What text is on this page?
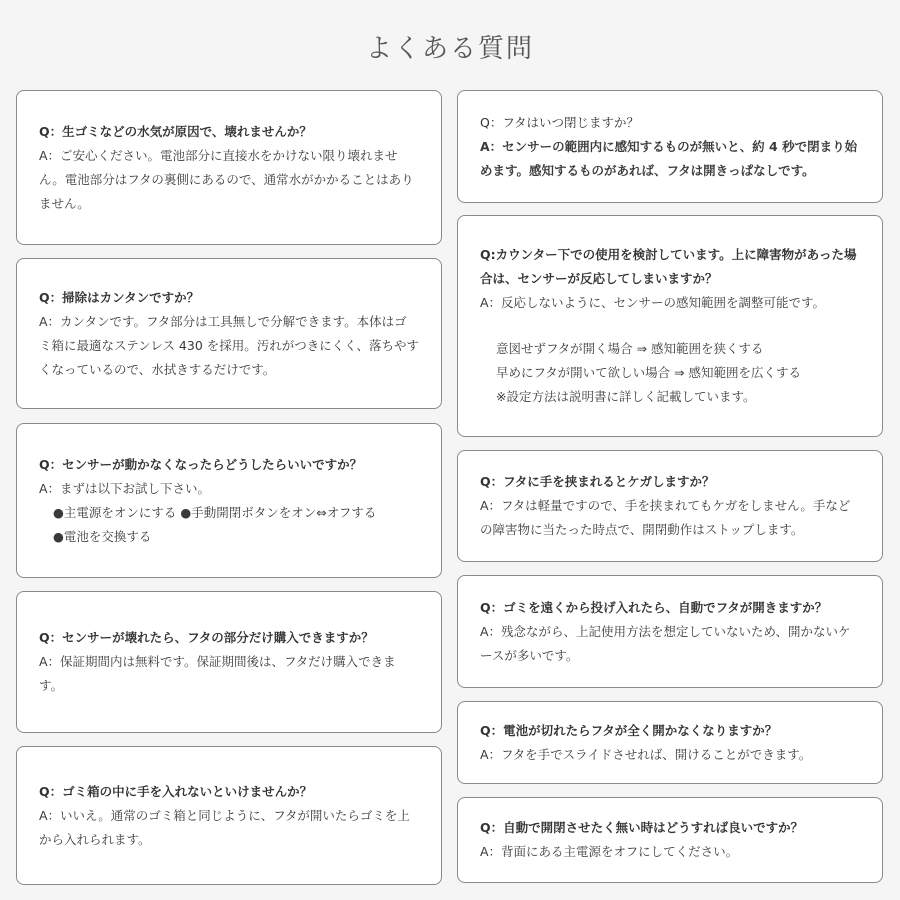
よくある質問
Q：生ゴミなどの水気が原因で、壊れませんか？
A：ご安心ください。電池部分に直接水をかけない限り壊れません。電池部分はフタの裏側にあるので、通常水がかかることはありません。
Q：掃除はカンタンですか？
A：カンタンです。フタ部分は工具無しで分解できます。本体はゴミ箱に最適なステンレス 430 を採用。汚れがつきにくく、落ちやすくなっているので、水拭きするだけです。
Q：センサーが動かなくなったらどうしたらいいですか？
A：まずは以下お試し下さい。
●主電源をオンにする ●手動開閉ボタンをオン⇔オフする
●電池を交換する
Q：センサーが壊れたら、フタの部分だけ購入できますか？
A：保証期間内は無料です。保証期間後は、フタだけ購入できます。
Q：ゴミ箱の中に手を入れないといけませんか？
A：いいえ。通常のゴミ箱と同じように、フタが開いたらゴミを上から入れられます。
Q：フタはいつ閉じますか？
A：センサーの範囲内に感知するものが無いと、約 4 秒で閉まり始めます。感知するものがあれば、フタは開きっぱなしです。
Q:カウンター下での使用を検討しています。上に障害物があった場合は、センサーが反応してしまいますか？
A：反応しないように、センサーの感知範囲を調整可能です。
意図せずフタが開く場合 ⇒ 感知範囲を狭くする
早めにフタが開いて欲しい場合 ⇒ 感知範囲を広くする
※設定方法は説明書に詳しく記載しています。
Q：フタに手を挟まれるとケガしますか？
A：フタは軽量ですので、手を挟まれてもケガをしません。手などの障害物に当たった時点で、開閉動作はストップします。
Q：ゴミを遠くから投げ入れたら、自動でフタが開きますか？
A：残念ながら、上記使用方法を想定していないため、開かないケースが多いです。
Q：電池が切れたらフタが全く開かなくなりますか？
A：フタを手でスライドさせれば、開けることができます。
Q：自動で開閉させたく無い時はどうすれば良いですか？
A：背面にある主電源をオフにしてください。
